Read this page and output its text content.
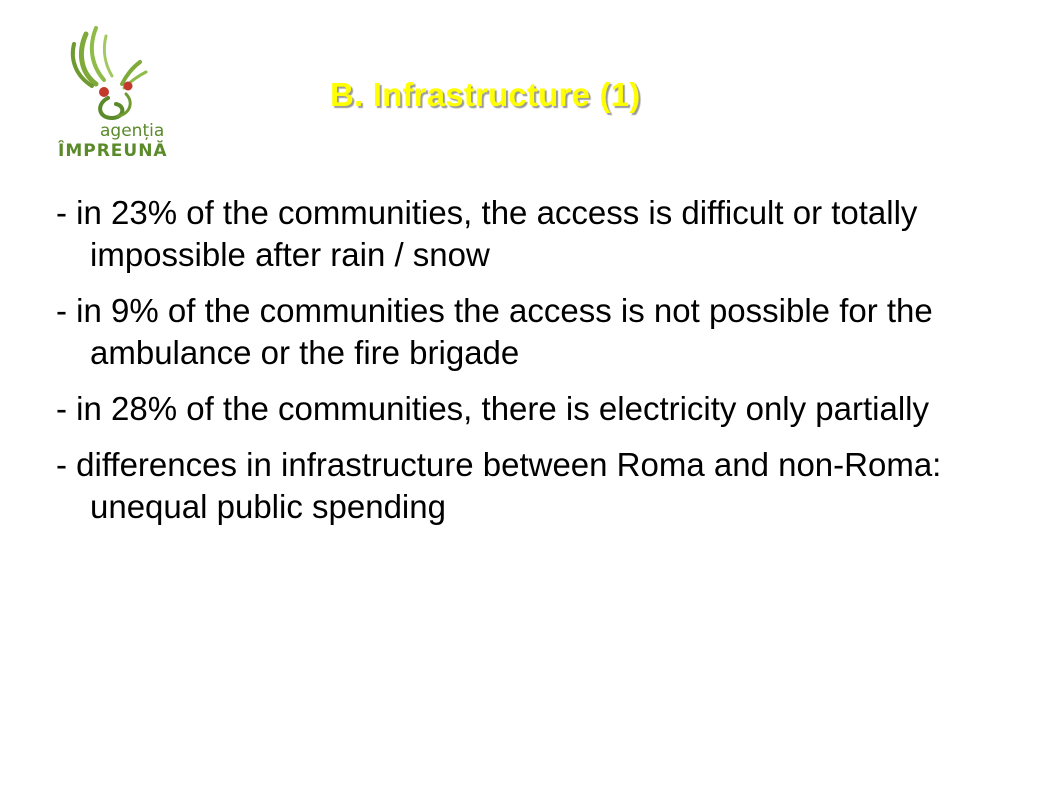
agenția
ÎMPREUNĂ
B. Infrastructure (1)
- in 23% of the communities, the access is difficult or totally impossible after rain / snow
- in 9% of the communities the access is not possible for the ambulance or the fire brigade
- in 28% of the communities, there is electricity only partially
- differences in infrastructure between Roma and non-Roma: unequal public spending
